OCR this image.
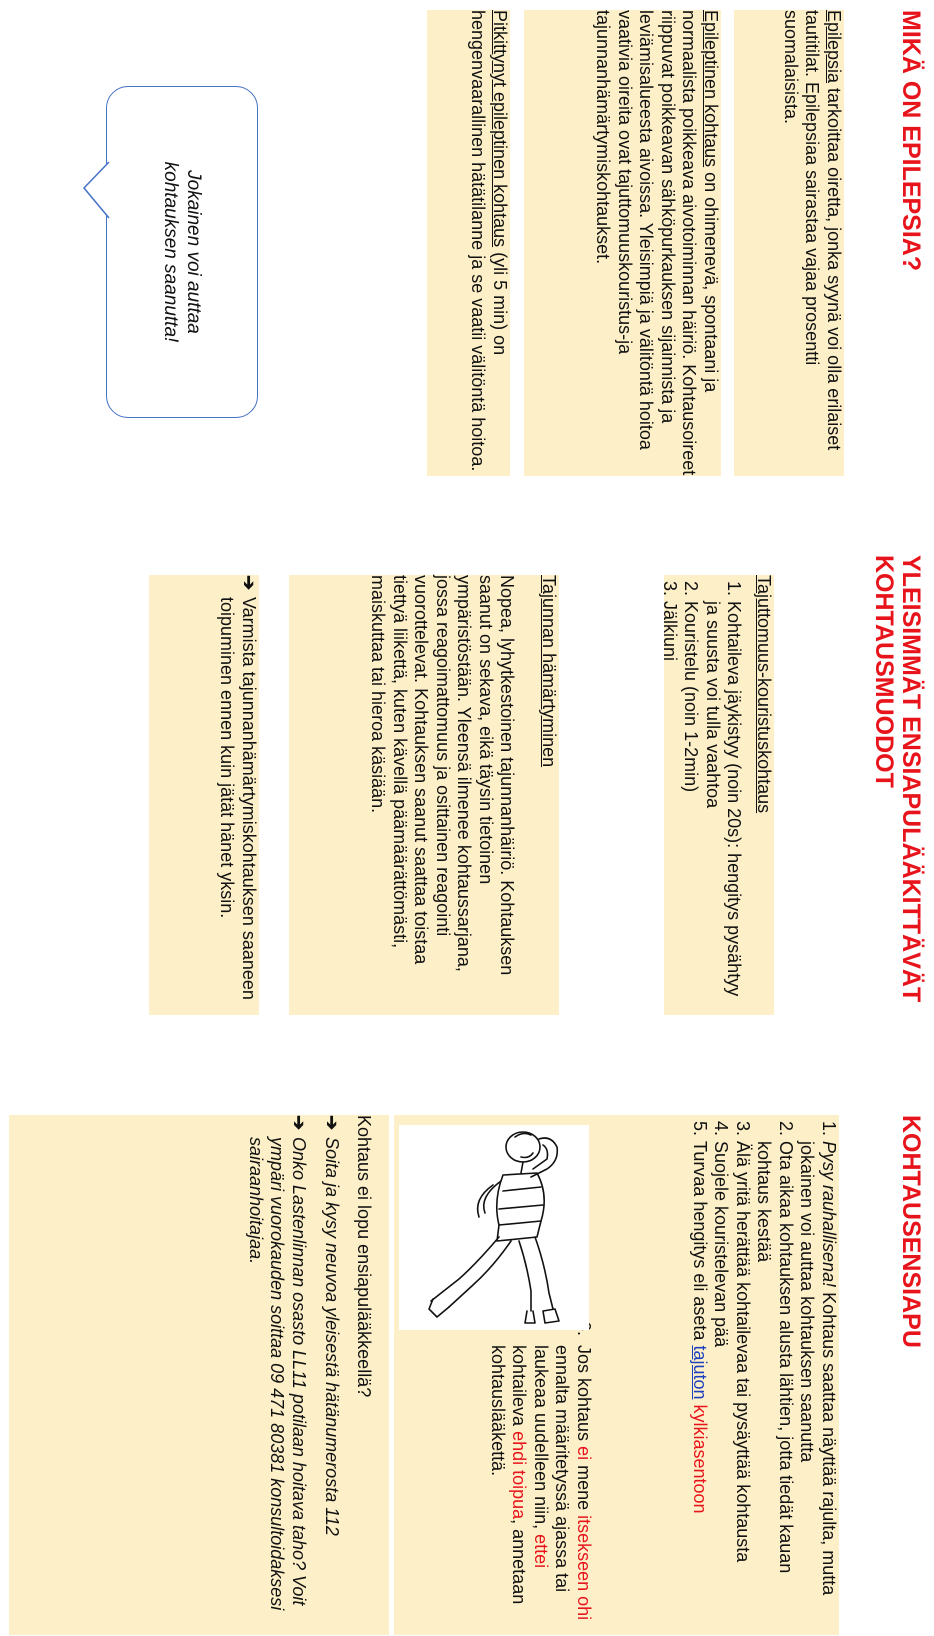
MIKÄ ON EPILEPSIA?
Epilepsia tarkoittaa oiretta, jonka syynä voi olla erilaiset tautitilat. Epilepsiaa sairastaa vajaa prosentti suomalaisista.
Epileptinen kohtaus on ohimenevä, spontaani ja normaalista poikkeava aivotoiminnan häiriö. Kohtausoireet riippuvat poikkeavan sähköpurkauksen sijainnista ja leviämisalueesta aivoissa. Yleisimpiä ja välitöntä hoitoa vaativia oireita ovat tajuttomuuskouristus-ja tajunnanhämärtymiskohtaukset.
Pitkittynyt epileptinen kohtaus (yli 5 min) on hengenvaarallinen hätätilanne ja se vaatii välitöntä hoitoa.
Jokainen voi auttaa kohtauksen saanutta!
YLEISIMMÄT ENSIAPULÄÄKITTÄVÄT KOHTAUSMUODOT
Tajuttomuus-kouristuskohtaus
1. Kohtaileva jäykistyy (noin 20s): hengitys pysähtyy ja suusta voi tulla vaahtoa
2. Kouristelu (noin 1-2min)
3. Jälkiuni
Tajunnan hämärtyminen
Nopea, lyhytkestoinen tajunnanhäiriö. Kohtauksen saanut on sekava, eikä täysin tietoinen ympäristöstään. Yleensä ilmenee kohtaussarjana, jossa reagoimattomuus ja osittainen reagointi vuorottelevat. Kohtauksen saanut saattaa toistaa tiettyä liikettä, kuten kävellä päämäärättömästi, maiskuttaa tai hieroa käsiään.
➔
Varmista tajunnanhämärtymiskohtauksen saaneen toipuminen ennen kuin jätät hänet yksin.
KOHTAUSENSIAPU
1. Pysy rauhallisena! Kohtaus saattaa näyttää rajulta, mutta jokainen voi auttaa kohtauksen saanutta
2. Ota aikaa kohtauksen alusta lähtien, jotta tiedät kauan kohtaus kestää
3. Älä yritä herättää kohtailevaa tai pysäyttää kohtausta
4. Suojele kouristelevan pää
5. Turvaa hengitys eli aseta tajuton kylkiasentoon
6.
Jos kohtaus ei mene itsekseen ohi ennalta määritetyssä ajassa tai laukeaa uudelleen niin, ettei kohtaileva ehdi toipua, annetaan kohtauslääkettä.
Kohtaus ei lopu ensiapulääkkeellä?
➔
Soita ja kysy neuvoa yleisestä hätänumerosta 112
➔
Onko Lastenlinnan osasto LL11 potilaan hoitava taho? Voit ympäri vuorokauden soittaa 09 471 80381 konsultoidaksesi sairaanhoitajaa.
